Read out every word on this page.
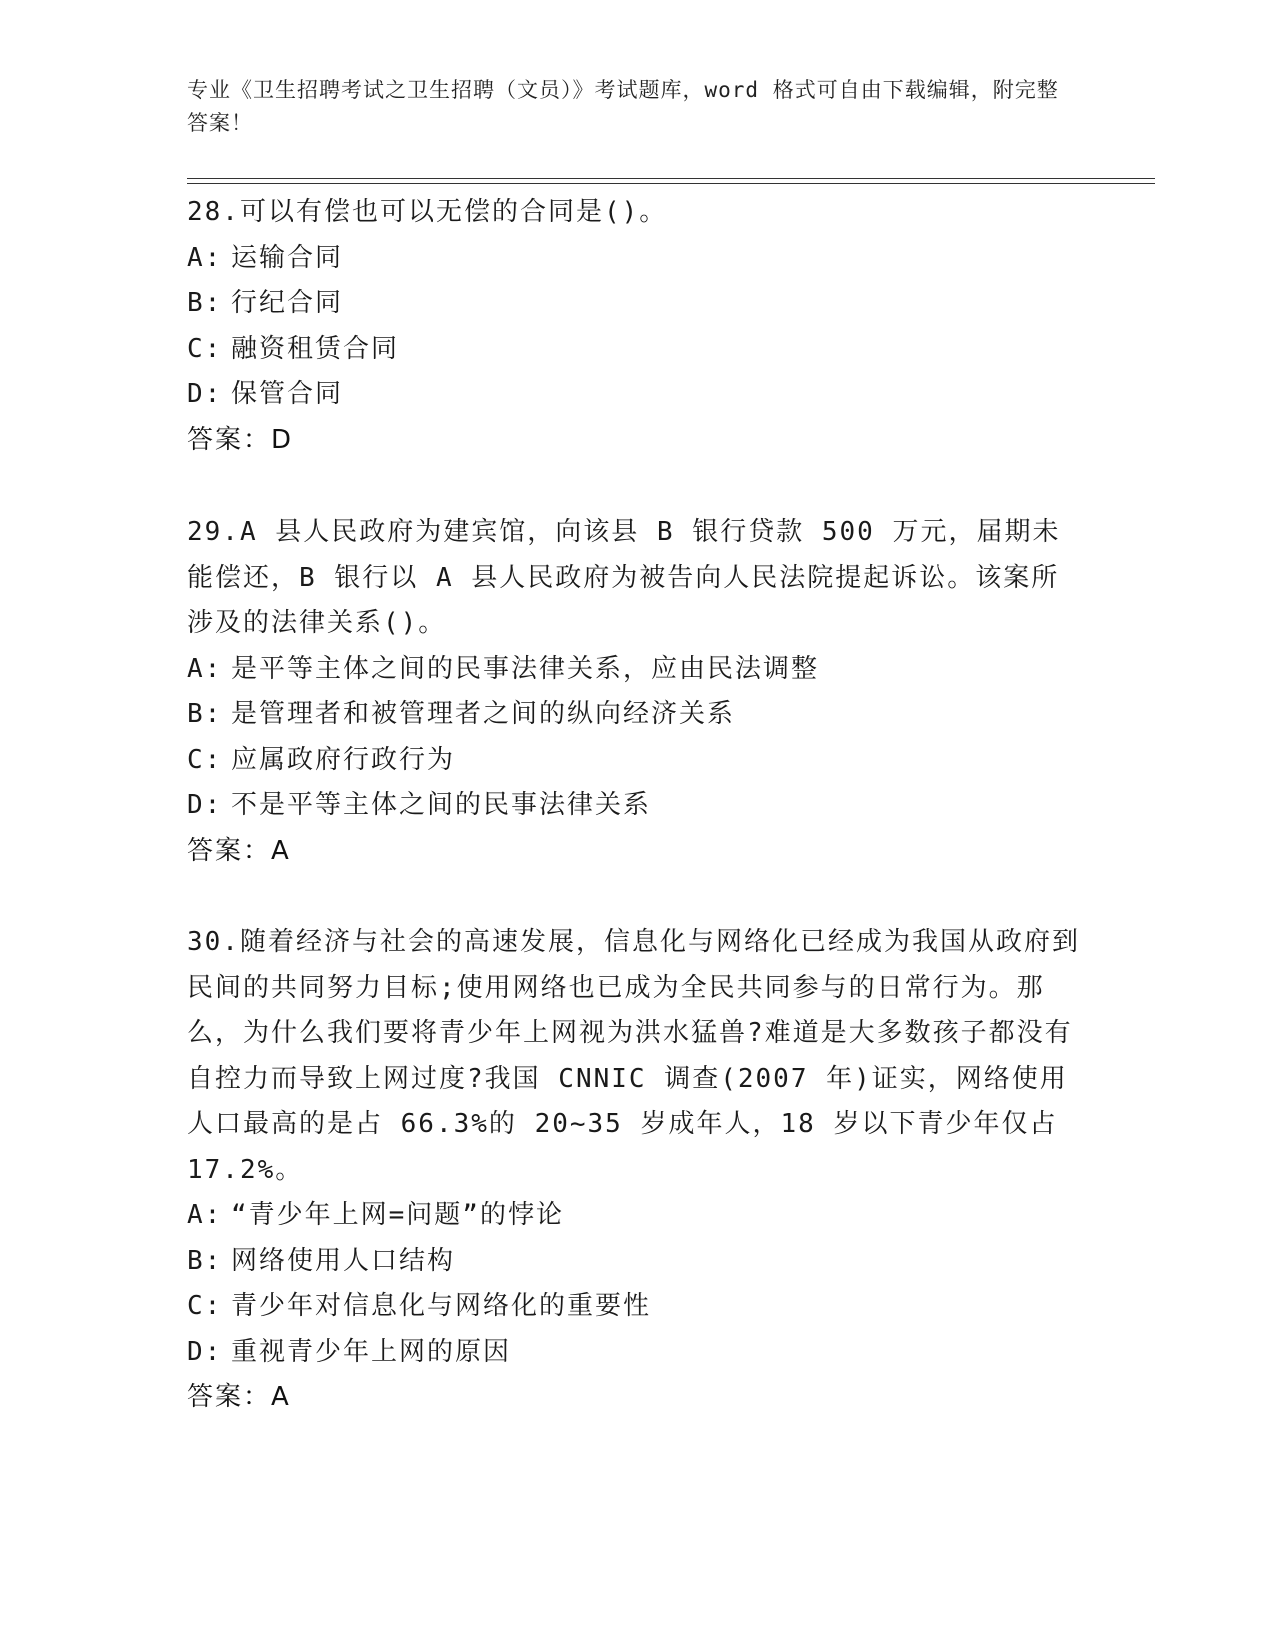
专业《卫生招聘考试之卫生招聘（文员）》考试题库，word 格式可自由下载编辑，附完整答案！

28.可以有偿也可以无偿的合同是()。

A: 运输合同

B: 行纪合同

C: 融资租赁合同

D: 保管合同

答案：D

29.A 县人民政府为建宾馆，向该县 B 银行贷款 500 万元，届期未能偿还，B 银行以 A 县人民政府为被告向人民法院提起诉讼。该案所涉及的法律关系()。

A: 是平等主体之间的民事法律关系，应由民法调整

B: 是管理者和被管理者之间的纵向经济关系

C: 应属政府行政行为

D: 不是平等主体之间的民事法律关系

答案：A

30.随着经济与社会的高速发展，信息化与网络化已经成为我国从政府到民间的共同努力目标;使用网络也已成为全民共同参与的日常行为。那么，为什么我们要将青少年上网视为洪水猛兽?难道是大多数孩子都没有自控力而导致上网过度?我国 CNNIC 调查(2007 年)证实，网络使用人口最高的是占 66.3%的 20~35 岁成年人，18 岁以下青少年仅占 17.2%。

A: “青少年上网=问题”的悖论

B: 网络使用人口结构

C: 青少年对信息化与网络化的重要性

D: 重视青少年上网的原因

答案：A
